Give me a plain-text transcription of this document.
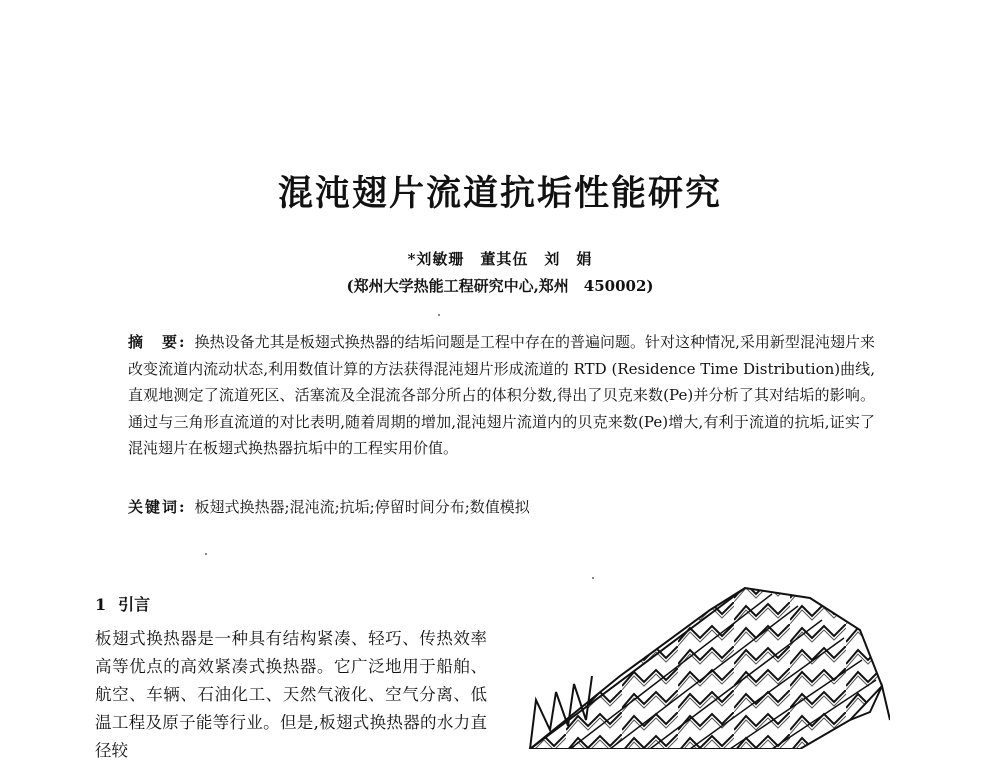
混沌翅片流道抗垢性能研究
*刘敏珊　董其伍　刘　娟
(郑州大学热能工程研究中心,郑州　450002)
摘　要: 换热设备尤其是板翅式换热器的结垢问题是工程中存在的普遍问题。针对这种情况,采用新型混沌翅片来改变流道内流动状态,利用数值计算的方法获得混沌翅片形成流道的 RTD (Residence Time Distribution)曲线,直观地测定了流道死区、活塞流及全混流各部分所占的体积分数,得出了贝克来数(Pe)并分析了其对结垢的影响。通过与三角形直流道的对比表明,随着周期的增加,混沌翅片流道内的贝克来数(Pe)增大,有利于流道的抗垢,证实了混沌翅片在板翅式换热器抗垢中的工程实用价值。
关键词: 板翅式换热器;混沌流;抗垢;停留时间分布;数值模拟
1 引言
板翅式换热器是一种具有结构紧凑、轻巧、传热效率高等优点的高效紧凑式换热器。它广泛地用于船舶、航空、车辆、石油化工、天然气液化、空气分离、低温工程及原子能等行业。但是,板翅式换热器的水力直径较
